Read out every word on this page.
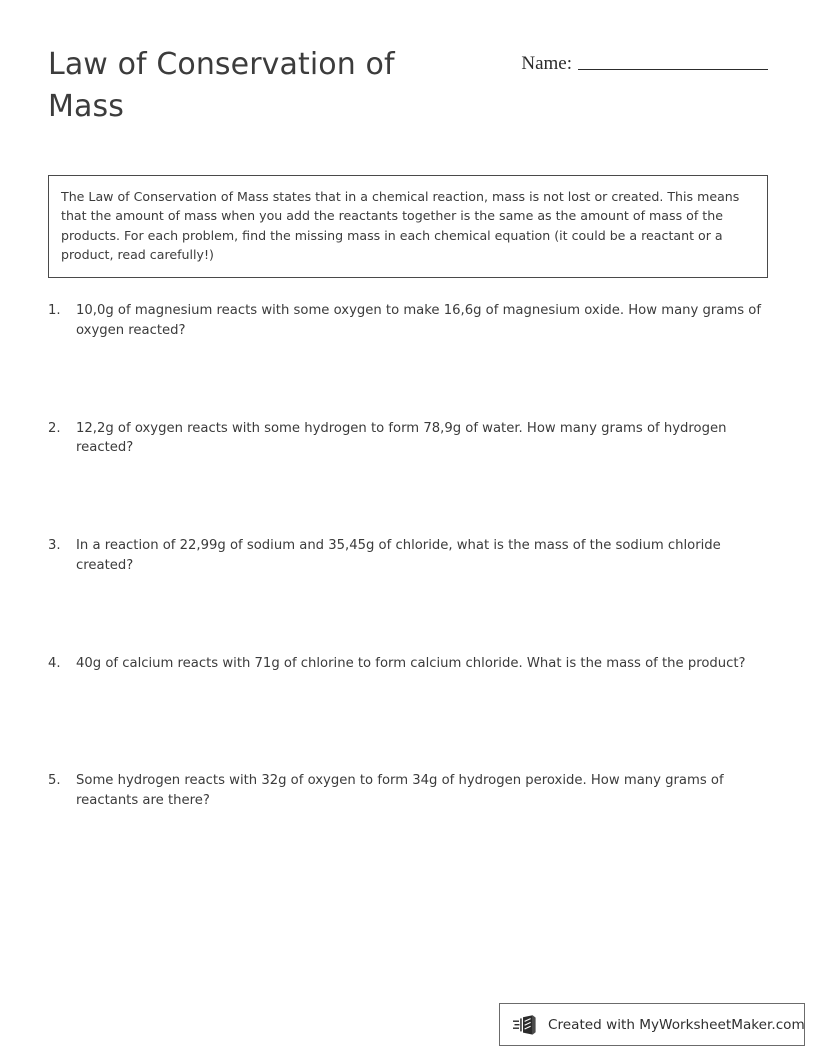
Law of Conservation of Mass
Name:

The Law of Conservation of Mass states that in a chemical reaction, mass is not lost or created. This means that the amount of mass when you add the reactants together is the same as the amount of mass of the products. For each problem, find the missing mass in each chemical equation (it could be a reactant or a product, read carefully!)

1.	10,0g of magnesium reacts with some oxygen to make 16,6g of magnesium oxide. How many grams of oxygen reacted?

2.	12,2g of oxygen reacts with some hydrogen to form 78,9g of water. How many grams of hydrogen reacted?

3.	In a reaction of 22,99g of sodium and 35,45g of chloride, what is the mass of the sodium chloride created?

4.	40g of calcium reacts with 71g of chlorine to form calcium chloride. What is the mass of the product?

5.	Some hydrogen reacts with 32g of oxygen to form 34g of hydrogen peroxide. How many grams of reactants are there?

Created with MyWorksheetMaker.com
